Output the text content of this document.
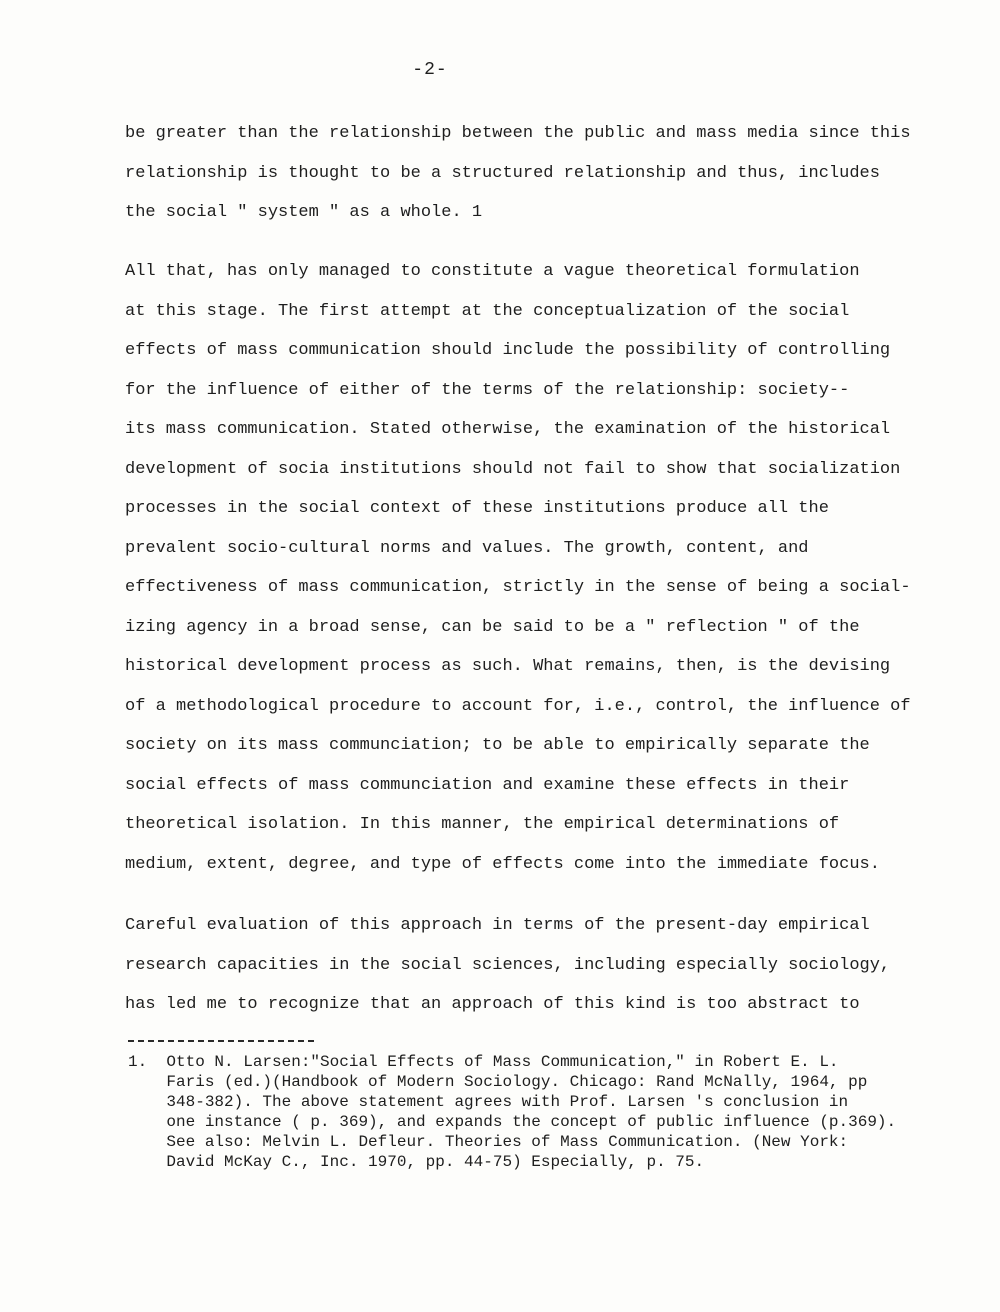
-2-
be greater than the relationship between the public and mass media since this
relationship is thought to be a structured relationship and thus, includes
the social " system " as a whole. 1
All that, has only managed to constitute a vague theoretical formulation
at this stage. The first attempt at the conceptualization of the social
effects of mass communication should include the possibility of controlling
for the influence of either of the terms of the relationship: society--
its mass communication. Stated otherwise, the examination of the historical
development of socia institutions should not fail to show that socialization
processes in the social context of these institutions produce all the
prevalent socio-cultural norms and values. The growth, content, and
effectiveness of mass communication, strictly in the sense of being a social-
izing agency in a broad sense, can be said to be a " reflection " of the
historical development process as such. What remains, then, is the devising
of a methodological procedure to account for, i.e., control, the influence of
society on its mass communciation; to be able to empirically separate the
social effects of mass communciation and examine these effects in their
theoretical isolation. In this manner, the empirical determinations of
medium, extent, degree, and type of effects come into the immediate focus.
Careful evaluation of this approach in terms of the present-day empirical
research capacities in the social sciences, including especially sociology,
has led me to recognize that an approach of this kind is too abstract to
1.  Otto N. Larsen:"Social Effects of Mass Communication," in Robert E. L.
Faris (ed.)(Handbook of Modern Sociology. Chicago: Rand McNally, 1964, pp
348-382). The above statement agrees with Prof. Larsen 's conclusion in
one instance ( p. 369), and expands the concept of public influence (p.369).
See also: Melvin L. Defleur. Theories of Mass Communication. (New York:
David McKay C., Inc. 1970, pp. 44-75) Especially, p. 75.
